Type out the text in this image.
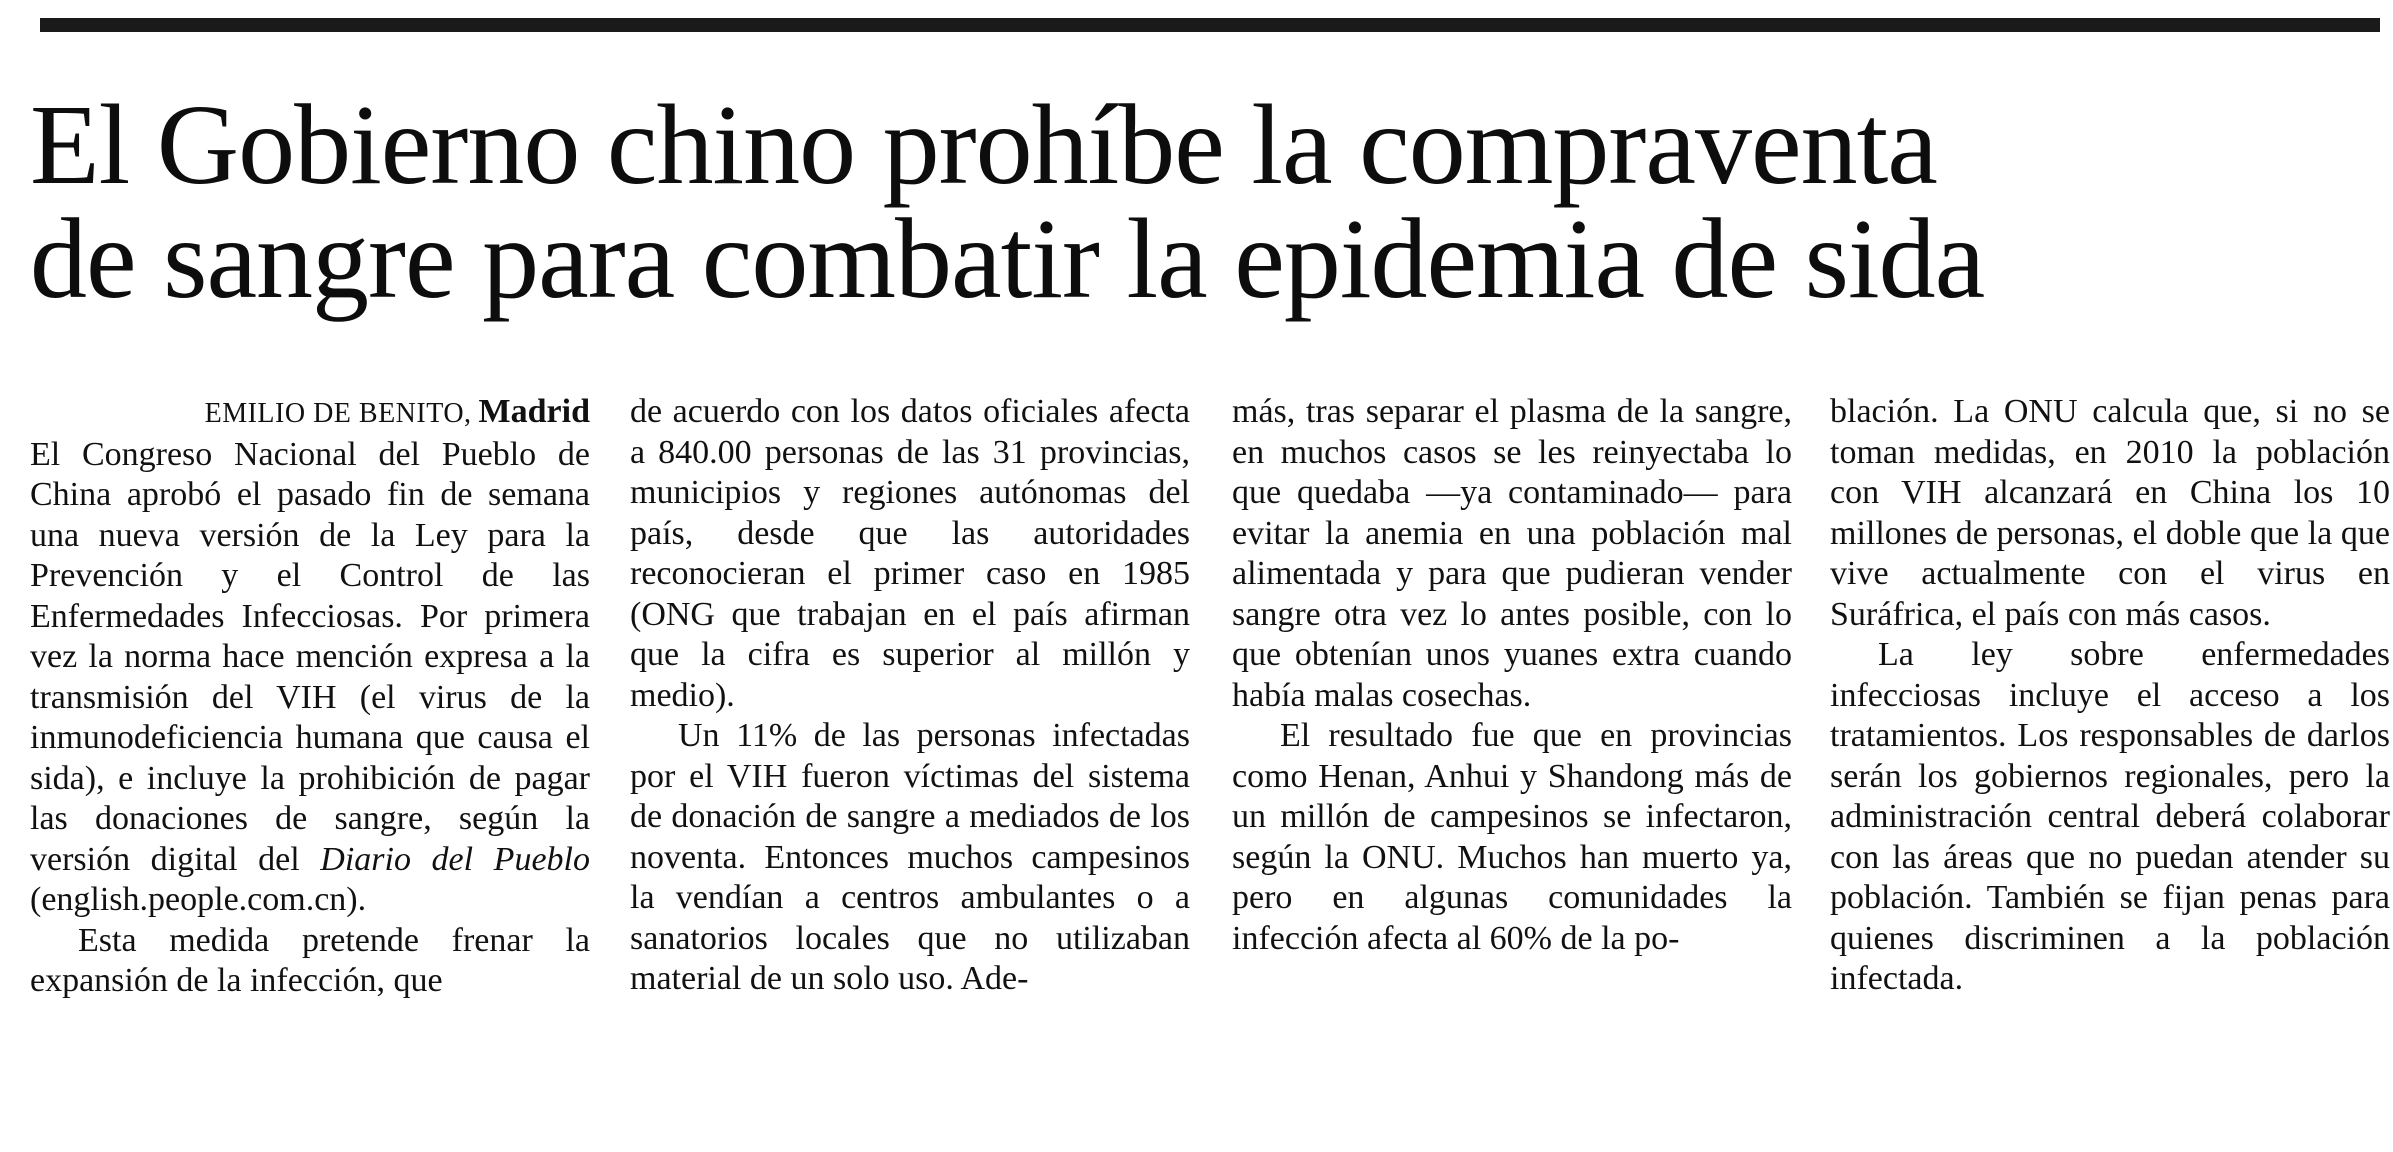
El Gobierno chino prohíbe la compraventa
de sangre para combatir la epidemia de sida

EMILIO DE BENITO, Madrid

El Congreso Nacional del Pueblo de China aprobó el pasado fin de semana una nueva versión de la Ley para la Prevención y el Control de las Enfermedades Infecciosas. Por primera vez la norma hace mención expresa a la transmisión del VIH (el virus de la inmunodeficiencia humana que causa el sida), e incluye la prohibición de pagar las donaciones de sangre, según la versión digital del Diario del Pueblo (english.people.com.cn).

Esta medida pretende frenar la expansión de la infección, que

de acuerdo con los datos oficiales afecta a 840.00 personas de las 31 provincias, municipios y regiones autónomas del país, desde que las autoridades reconocieran el primer caso en 1985 (ONG que trabajan en el país afirman que la cifra es superior al millón y medio).

Un 11% de las personas infectadas por el VIH fueron víctimas del sistema de donación de sangre a mediados de los noventa. Entonces muchos campesinos la vendían a centros ambulantes o a sanatorios locales que no utilizaban material de un solo uso. Ade-

más, tras separar el plasma de la sangre, en muchos casos se les reinyectaba lo que quedaba —ya contaminado— para evitar la anemia en una población mal alimentada y para que pudieran vender sangre otra vez lo antes posible, con lo que obtenían unos yuanes extra cuando había malas cosechas.

El resultado fue que en provincias como Henan, Anhui y Shandong más de un millón de campesinos se infectaron, según la ONU. Muchos han muerto ya, pero en algunas comunidades la infección afecta al 60% de la po-

blación. La ONU calcula que, si no se toman medidas, en 2010 la población con VIH alcanzará en China los 10 millones de personas, el doble que la que vive actualmente con el virus en Suráfrica, el país con más casos.

La ley sobre enfermedades infecciosas incluye el acceso a los tratamientos. Los responsables de darlos serán los gobiernos regionales, pero la administración central deberá colaborar con las áreas que no puedan atender su población. También se fijan penas para quienes discriminen a la población infectada.
